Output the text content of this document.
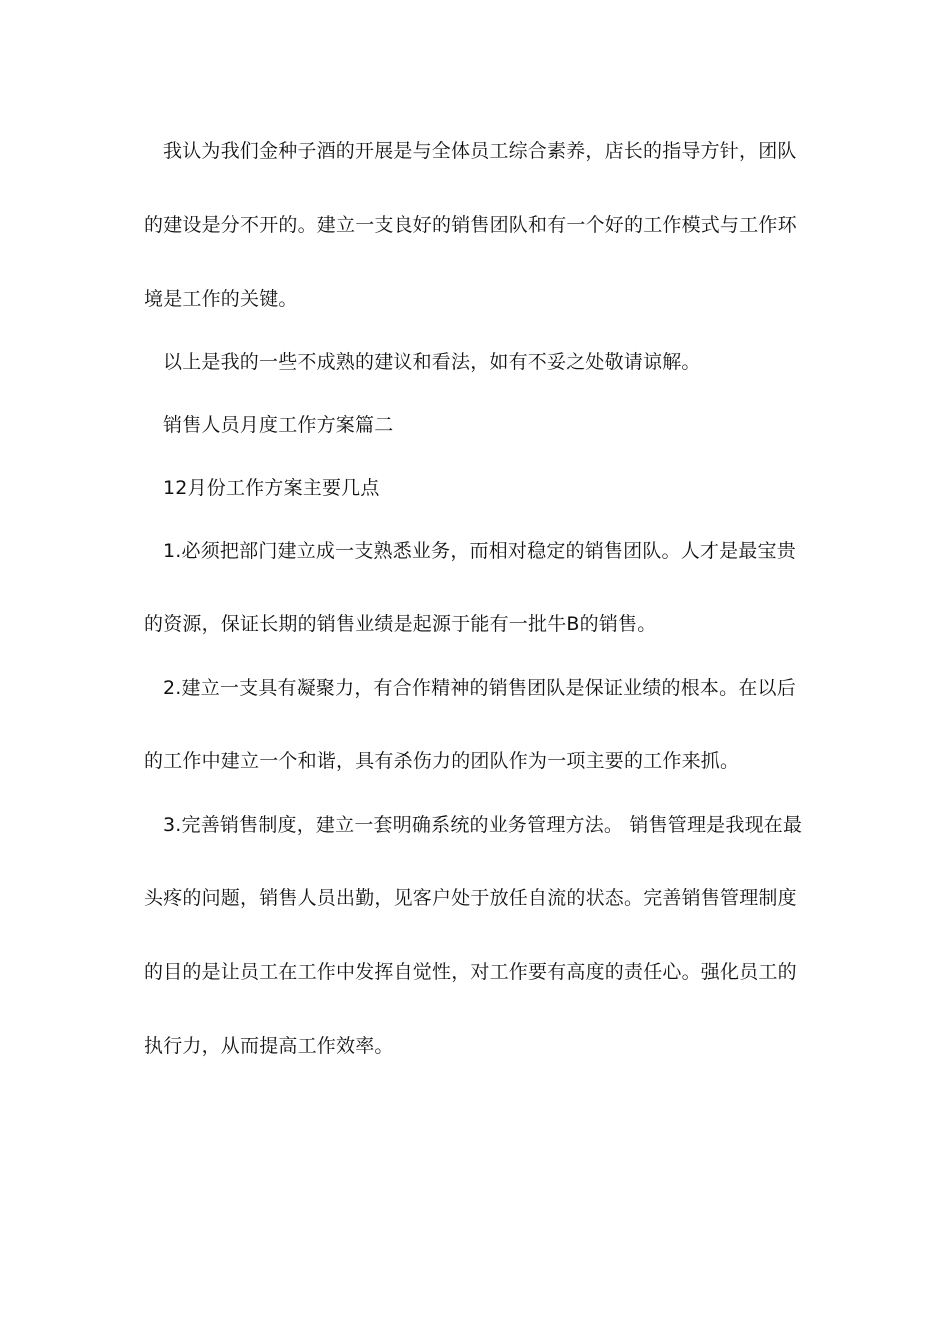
我认为我们金种子酒的开展是与全体员工综合素养，店长的指导方针，团队
的建设是分不开的。建立一支良好的销售团队和有一个好的工作模式与工作环
境是工作的关键。
以上是我的一些不成熟的建议和看法，如有不妥之处敬请谅解。
销售人员月度工作方案篇二
12月份工作方案主要几点
1.必须把部门建立成一支熟悉业务，而相对稳定的销售团队。人才是最宝贵
的资源，保证长期的销售业绩是起源于能有一批牛B的销售。
2.建立一支具有凝聚力，有合作精神的销售团队是保证业绩的根本。在以后
的工作中建立一个和谐，具有杀伤力的团队作为一项主要的工作来抓。
3.完善销售制度，建立一套明确系统的业务管理方法。 销售管理是我现在最
头疼的问题，销售人员出勤，见客户处于放任自流的状态。完善销售管理制度
的目的是让员工在工作中发挥自觉性，对工作要有高度的责任心。强化员工的
执行力，从而提高工作效率。
